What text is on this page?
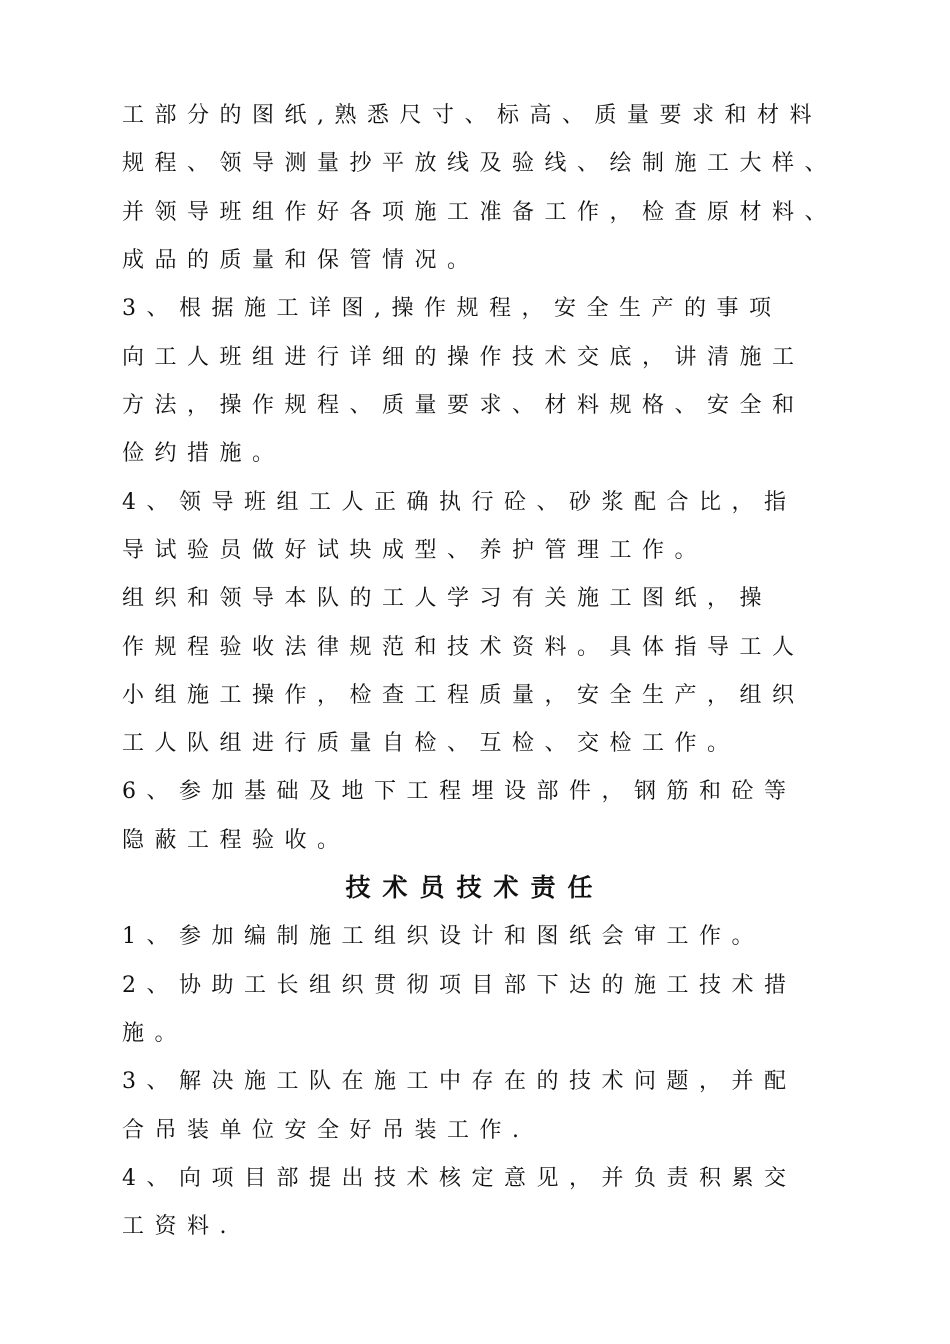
工部分的图纸,熟悉尺寸、标高、质量要求和材料
规程、领导测量抄平放线及验线、绘制施工大样、
并领导班组作好各项施工准备工作，检查原材料、
成品的质量和保管情况。
3、根据施工详图,操作规程，安全生产的事项
向工人班组进行详细的操作技术交底，讲清施工
方法，操作规程、质量要求、材料规格、安全和
俭约措施。
4、领导班组工人正确执行砼、砂浆配合比，指
导试验员做好试块成型、养护管理工作。
组织和领导本队的工人学习有关施工图纸，操
作规程验收法律规范和技术资料。具体指导工人
小组施工操作，检查工程质量，安全生产，组织
工人队组进行质量自检、互检、交检工作。
6、参加基础及地下工程埋设部件，钢筋和砼等
隐蔽工程验收。
技术员技术责任
1、参加编制施工组织设计和图纸会审工作。
2、协助工长组织贯彻项目部下达的施工技术措
施。
3、解决施工队在施工中存在的技术问题，并配
合吊装单位安全好吊装工作.
4、向项目部提出技术核定意见，并负责积累交
工资料.
